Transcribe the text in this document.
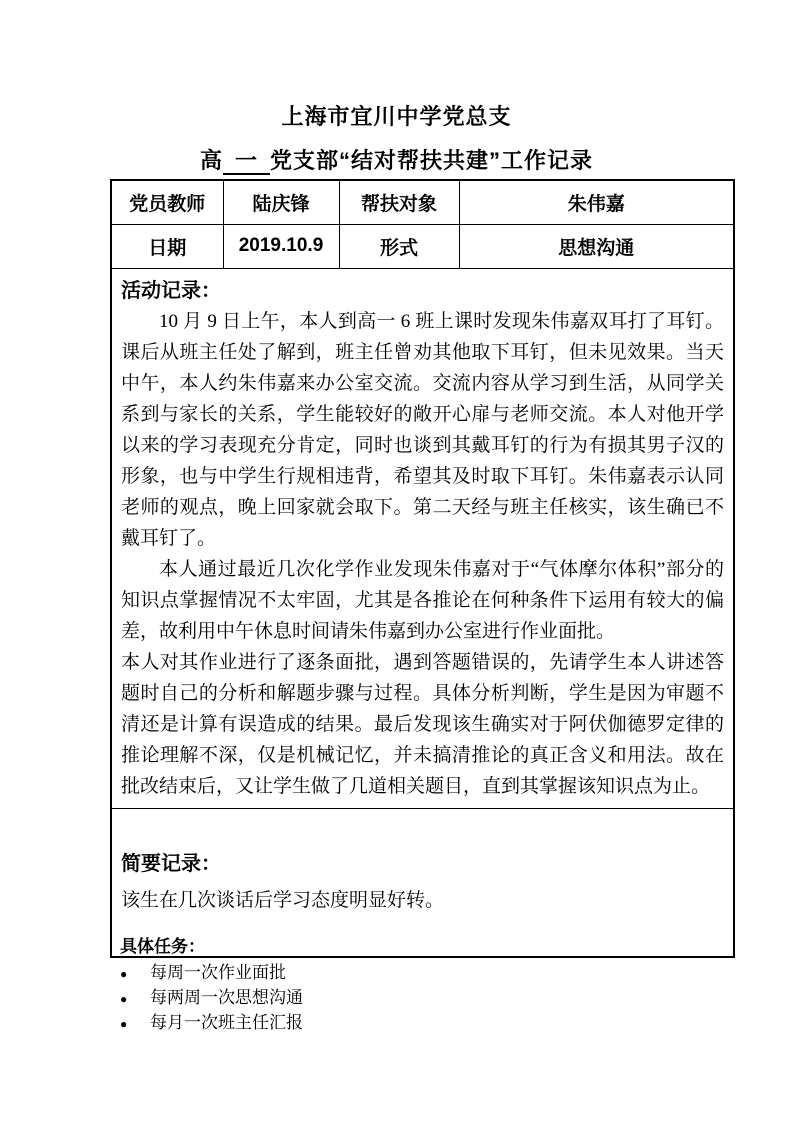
上海市宜川中学党总支
高 一 党支部“结对帮扶共建”工作记录
党员教师	陆庆锋	帮扶对象	朱伟嘉
日期	2019.10.9	形式	思想沟通

活动记录：

10 月 9 日上午，本人到高一 6 班上课时发现朱伟嘉双耳打了耳钉。课后从班主任处了解到，班主任曾劝其他取下耳钉，但未见效果。当天中午，本人约朱伟嘉来办公室交流。交流内容从学习到生活，从同学关系到与家长的关系，学生能较好的敞开心扉与老师交流。本人对他开学以来的学习表现充分肯定，同时也谈到其戴耳钉的行为有损其男子汉的形象，也与中学生行规相违背，希望其及时取下耳钉。朱伟嘉表示认同老师的观点，晚上回家就会取下。第二天经与班主任核实，该生确已不戴耳钉了。

本人通过最近几次化学作业发现朱伟嘉对于“气体摩尔体积”部分的知识点掌握情况不太牢固，尤其是各推论在何种条件下运用有较大的偏差，故利用中午休息时间请朱伟嘉到办公室进行作业面批。

本人对其作业进行了逐条面批，遇到答题错误的，先请学生本人讲述答题时自己的分析和解题步骤与过程。具体分析判断，学生是因为审题不清还是计算有误造成的结果。最后发现该生确实对于阿伏伽德罗定律的推论理解不深，仅是机械记忆，并未搞清推论的真正含义和用法。故在批改结束后，又让学生做了几道相关题目，直到其掌握该知识点为止。			

简要记录：
该生在几次谈话后学习态度明显好转。			
具体任务：
●	每周一次作业面批
●	每两周一次思想沟通
●	每月一次班主任汇报
